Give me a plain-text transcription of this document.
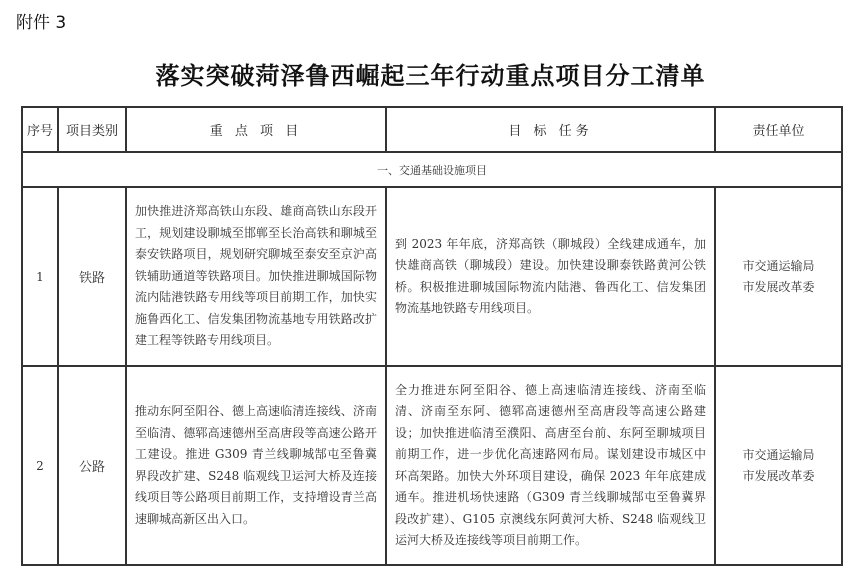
附件 3
落实突破菏泽鲁西崛起三年行动重点项目分工清单
序号	项目类别	重 点 项 目	目 标 任务	责任单位
一、交通基础设施项目				
1	铁路	加快推进济郑高铁山东段、雄商高铁山东段开工，规划建设聊城至邯郸至长治高铁和聊城至泰安铁路项目，规划研究聊城至泰安至京沪高铁辅助通道等铁路项目。加快推进聊城国际物流内陆港铁路专用线等项目前期工作，加快实施鲁西化工、信发集团物流基地专用铁路改扩建工程等铁路专用线项目。	到 2023 年年底，济郑高铁（聊城段）全线建成通车，加快雄商高铁（聊城段）建设。加快建设聊泰铁路黄河公铁桥。积极推进聊城国际物流内陆港、鲁西化工、信发集团物流基地铁路专用线项目。	市交通运输局
市发展改革委

2	公路	推动东阿至阳谷、德上高速临清连接线、济南至临清、德郓高速德州至高唐段等高速公路开工建设。推进 G309 青兰线聊城郜屯至鲁冀界段改扩建、S248 临观线卫运河大桥及连接线项目等公路项目前期工作，支持增设青兰高速聊城高新区出入口。	全力推进东阿至阳谷、德上高速临清连接线、济南至临清、济南至东阿、德郓高速德州至高唐段等高速公路建设；加快推进临清至濮阳、高唐至台前、东阿至聊城项目前期工作，进一步优化高速路网布局。谋划建设市城区中环高架路。加快大外环项目建设，确保 2023 年年底建成通车。推进机场快速路（G309 青兰线聊城郜屯至鲁冀界段改扩建）、G105 京澳线东阿黄河大桥、S248 临观线卫运河大桥及连接线等项目前期工作。	市交通运输局
市发展改革委
